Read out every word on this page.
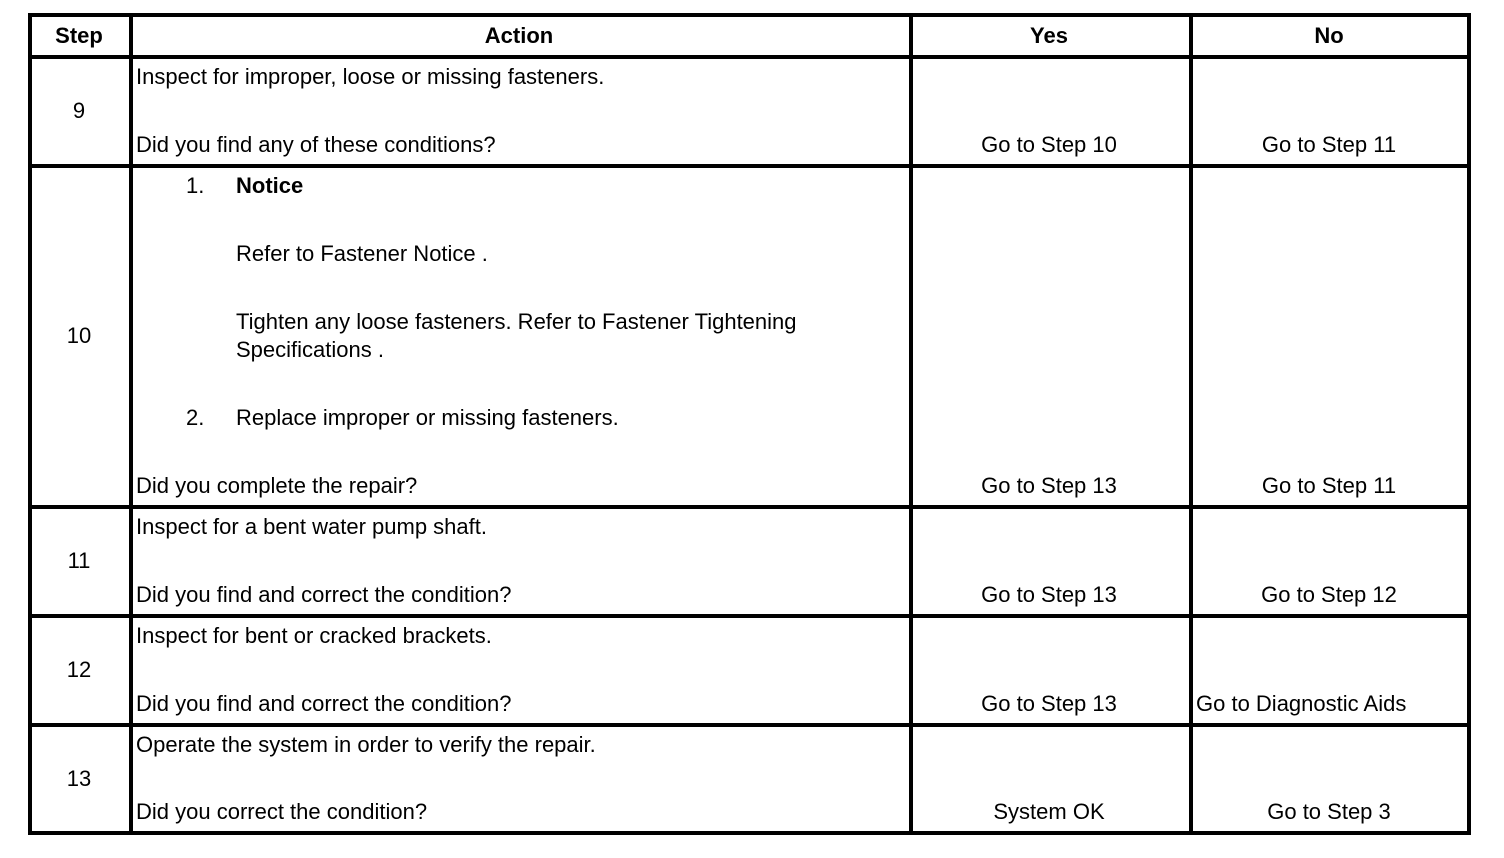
Step	Action	Yes	No
9
Inspect for improper, loose or missing fasteners.
Did you find any of these conditions?	Go to Step 10	Go to Step 11
10
1. Notice
Refer to Fastener Notice .
Tighten any loose fasteners. Refer to Fastener Tightening
Specifications .
2. Replace improper or missing fasteners.
Did you complete the repair?	Go to Step 13	Go to Step 11
11
Inspect for a bent water pump shaft.
Did you find and correct the condition?	Go to Step 13	Go to Step 12
12
Inspect for bent or cracked brackets.
Did you find and correct the condition?	Go to Step 13	Go to Diagnostic Aids
13
Operate the system in order to verify the repair.
Did you correct the condition?	System OK	Go to Step 3
